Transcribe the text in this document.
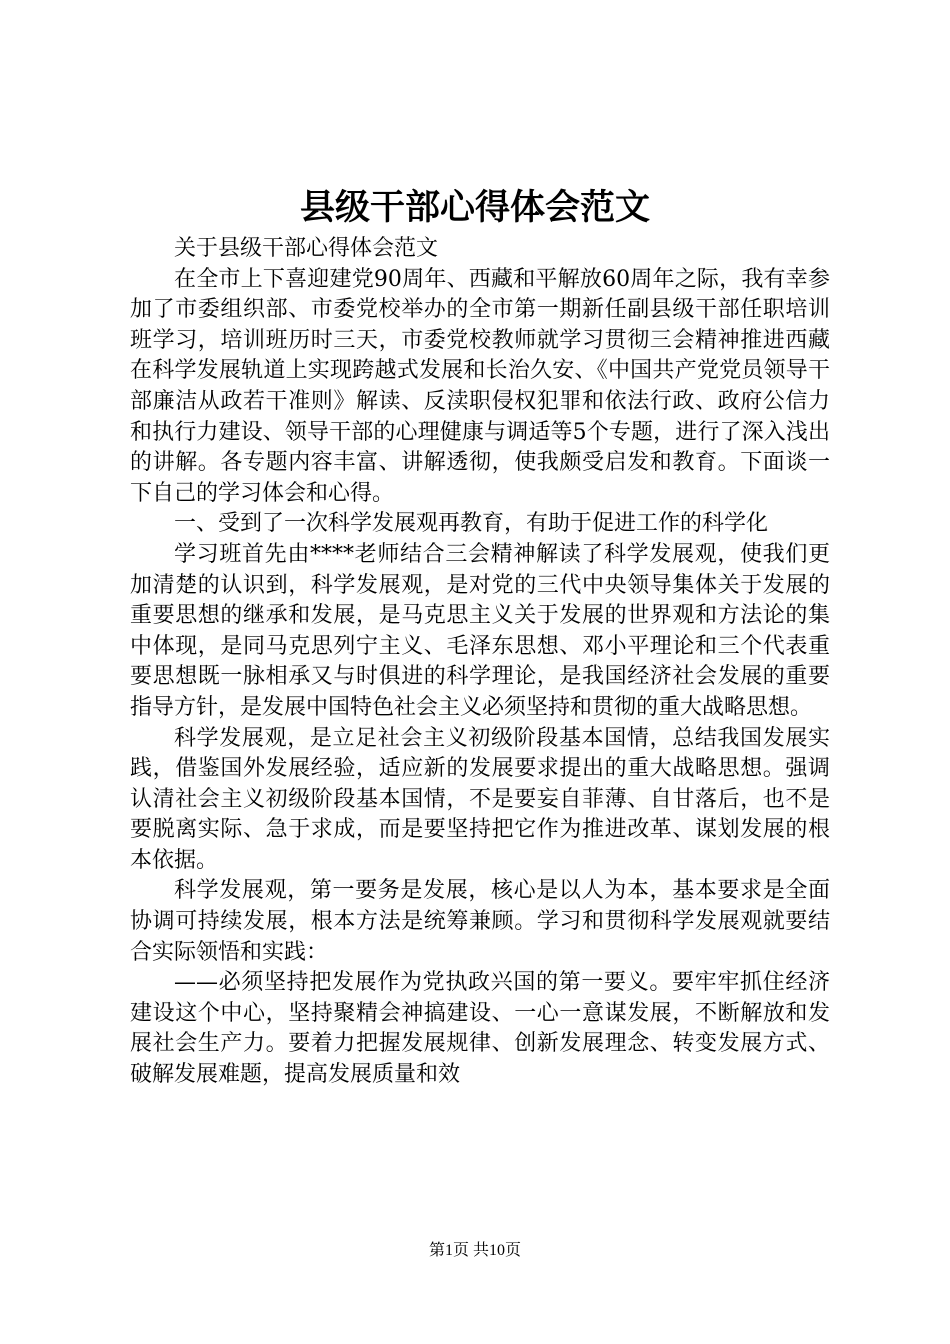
县级干部心得体会范文

关于县级干部心得体会范文

在全市上下喜迎建党90周年、西藏和平解放60周年之际，我有幸参加了市委组织部、市委党校举办的全市第一期新任副县级干部任职培训班学习，培训班历时三天，市委党校教师就学习贯彻三会精神推进西藏在科学发展轨道上实现跨越式发展和长治久安、《中国共产党党员领导干部廉洁从政若干准则》解读、反渎职侵权犯罪和依法行政、政府公信力和执行力建设、领导干部的心理健康与调适等5个专题，进行了深入浅出的讲解。各专题内容丰富、讲解透彻，使我颇受启发和教育。下面谈一下自己的学习体会和心得。

一、受到了一次科学发展观再教育，有助于促进工作的科学化

学习班首先由****老师结合三会精神解读了科学发展观，使我们更加清楚的认识到，科学发展观，是对党的三代中央领导集体关于发展的重要思想的继承和发展，是马克思主义关于发展的世界观和方法论的集中体现，是同马克思列宁主义、毛泽东思想、邓小平理论和三个代表重要思想既一脉相承又与时俱进的科学理论，是我国经济社会发展的重要指导方针，是发展中国特色社会主义必须坚持和贯彻的重大战略思想。

科学发展观，是立足社会主义初级阶段基本国情，总结我国发展实践，借鉴国外发展经验，适应新的发展要求提出的重大战略思想。强调认清社会主义初级阶段基本国情，不是要妄自菲薄、自甘落后，也不是要脱离实际、急于求成，而是要坚持把它作为推进改革、谋划发展的根本依据。

科学发展观，第一要务是发展，核心是以人为本，基本要求是全面协调可持续发展，根本方法是统筹兼顾。学习和贯彻科学发展观就要结合实际领悟和实践：

——必须坚持把发展作为党执政兴国的第一要义。要牢牢抓住经济建设这个中心，坚持聚精会神搞建设、一心一意谋发展，不断解放和发展社会生产力。要着力把握发展规律、创新发展理念、转变发展方式、破解发展难题，提高发展质量和效

第1页 共10页
